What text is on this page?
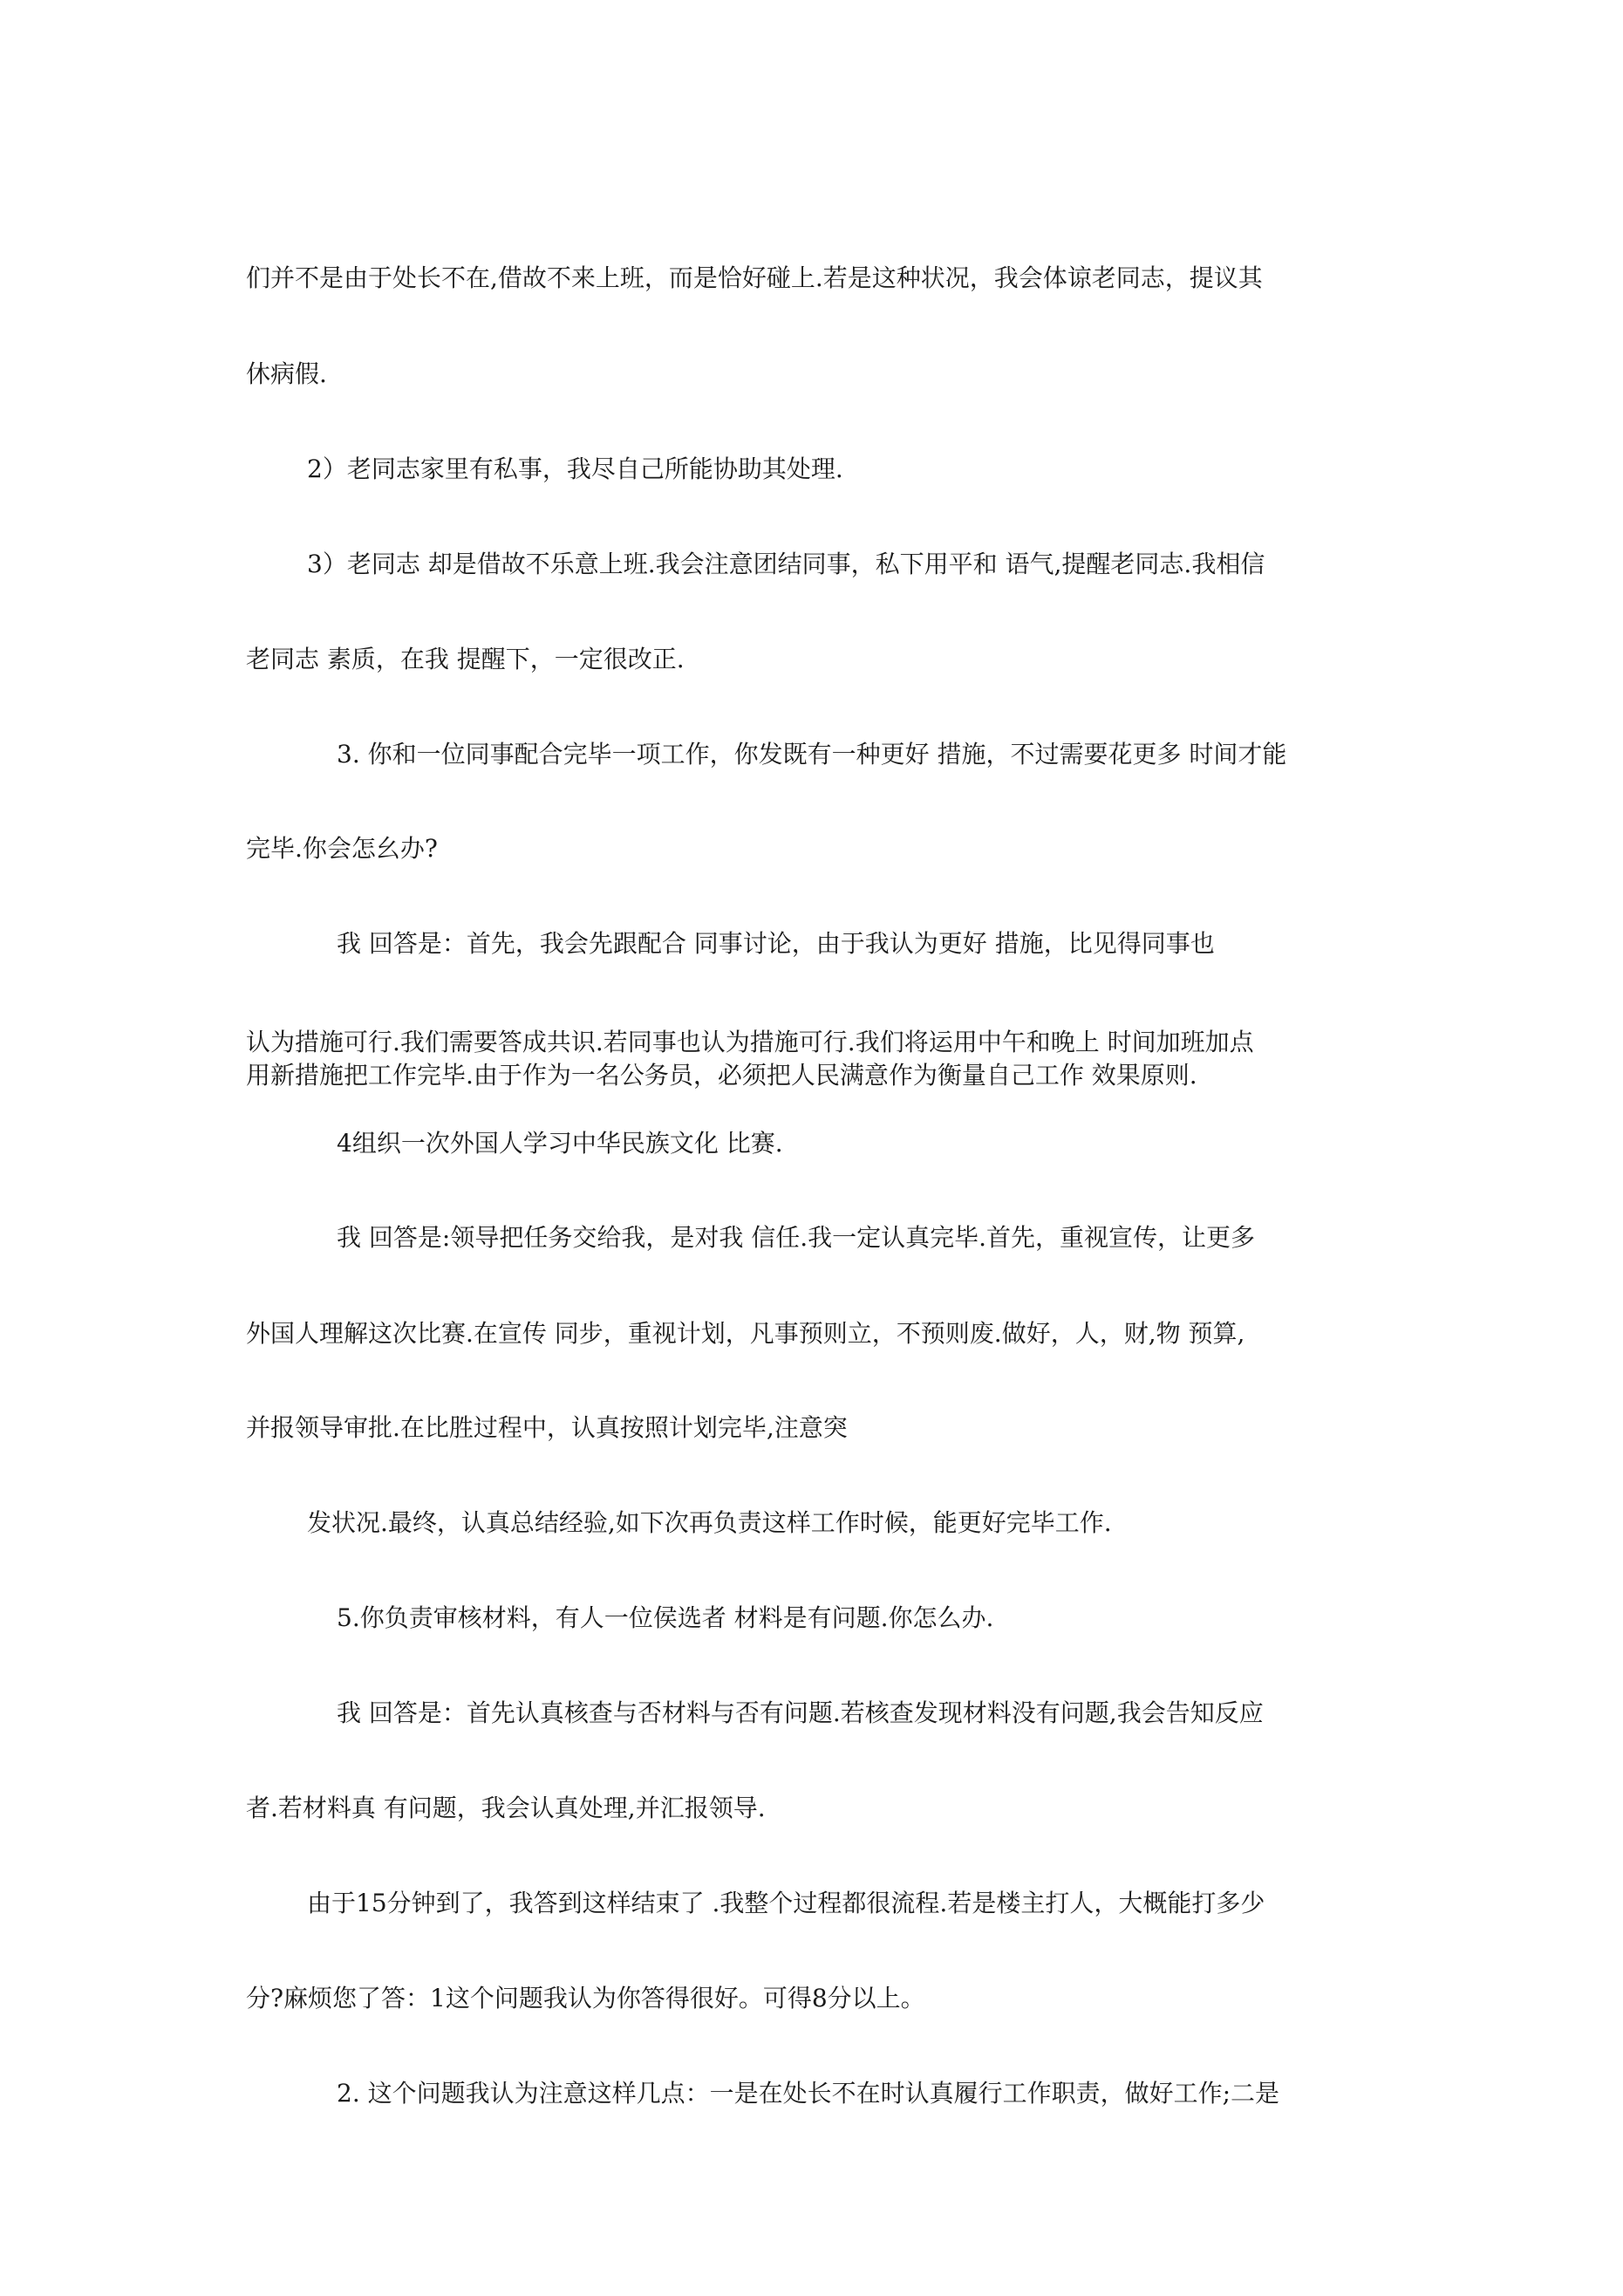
们并不是由于处长不在,借故不来上班，而是恰好碰上.若是这种状况，我会体谅老同志，提议其
休病假.
2）老同志家里有私事，我尽自己所能协助其处理.
3）老同志 却是借故不乐意上班.我会注意团结同事，私下用平和 语气,提醒老同志.我相信
老同志 素质，在我 提醒下，一定很改正.
3. 你和一位同事配合完毕一项工作，你发既有一种更好 措施，不过需要花更多 时间才能
完毕.你会怎幺办?
我 回答是：首先，我会先跟配合 同事讨论，由于我认为更好 措施，比见得同事也
认为措施可行.我们需要答成共识.若同事也认为措施可行.我们将运用中午和晚上 时间加班加点
用新措施把工作完毕.由于作为一名公务员，必须把人民满意作为衡量自己工作 效果原则.
4组织一次外国人学习中华民族文化 比赛.
我 回答是:领导把任务交给我，是对我 信任.我一定认真完毕.首先，重视宣传，让更多
外国人理解这次比赛.在宣传 同步，重视计划，凡事预则立，不预则废.做好，人，财,物 预算,
并报领导审批.在比胜过程中，认真按照计划完毕,注意突
发状况.最终，认真总结经验,如下次再负责这样工作时候，能更好完毕工作.
5.你负责审核材料，有人一位侯选者 材料是有问题.你怎么办.
我 回答是：首先认真核查与否材料与否有问题.若核查发现材料没有问题,我会告知反应
者.若材料真 有问题，我会认真处理,并汇报领导.
由于15分钟到了，我答到这样结束了 .我整个过程都很流程.若是楼主打人，大概能打多少
分?麻烦您了答：1这个问题我认为你答得很好。可得8分以上。
2. 这个问题我认为注意这样几点：一是在处长不在时认真履行工作职责，做好工作;二是
